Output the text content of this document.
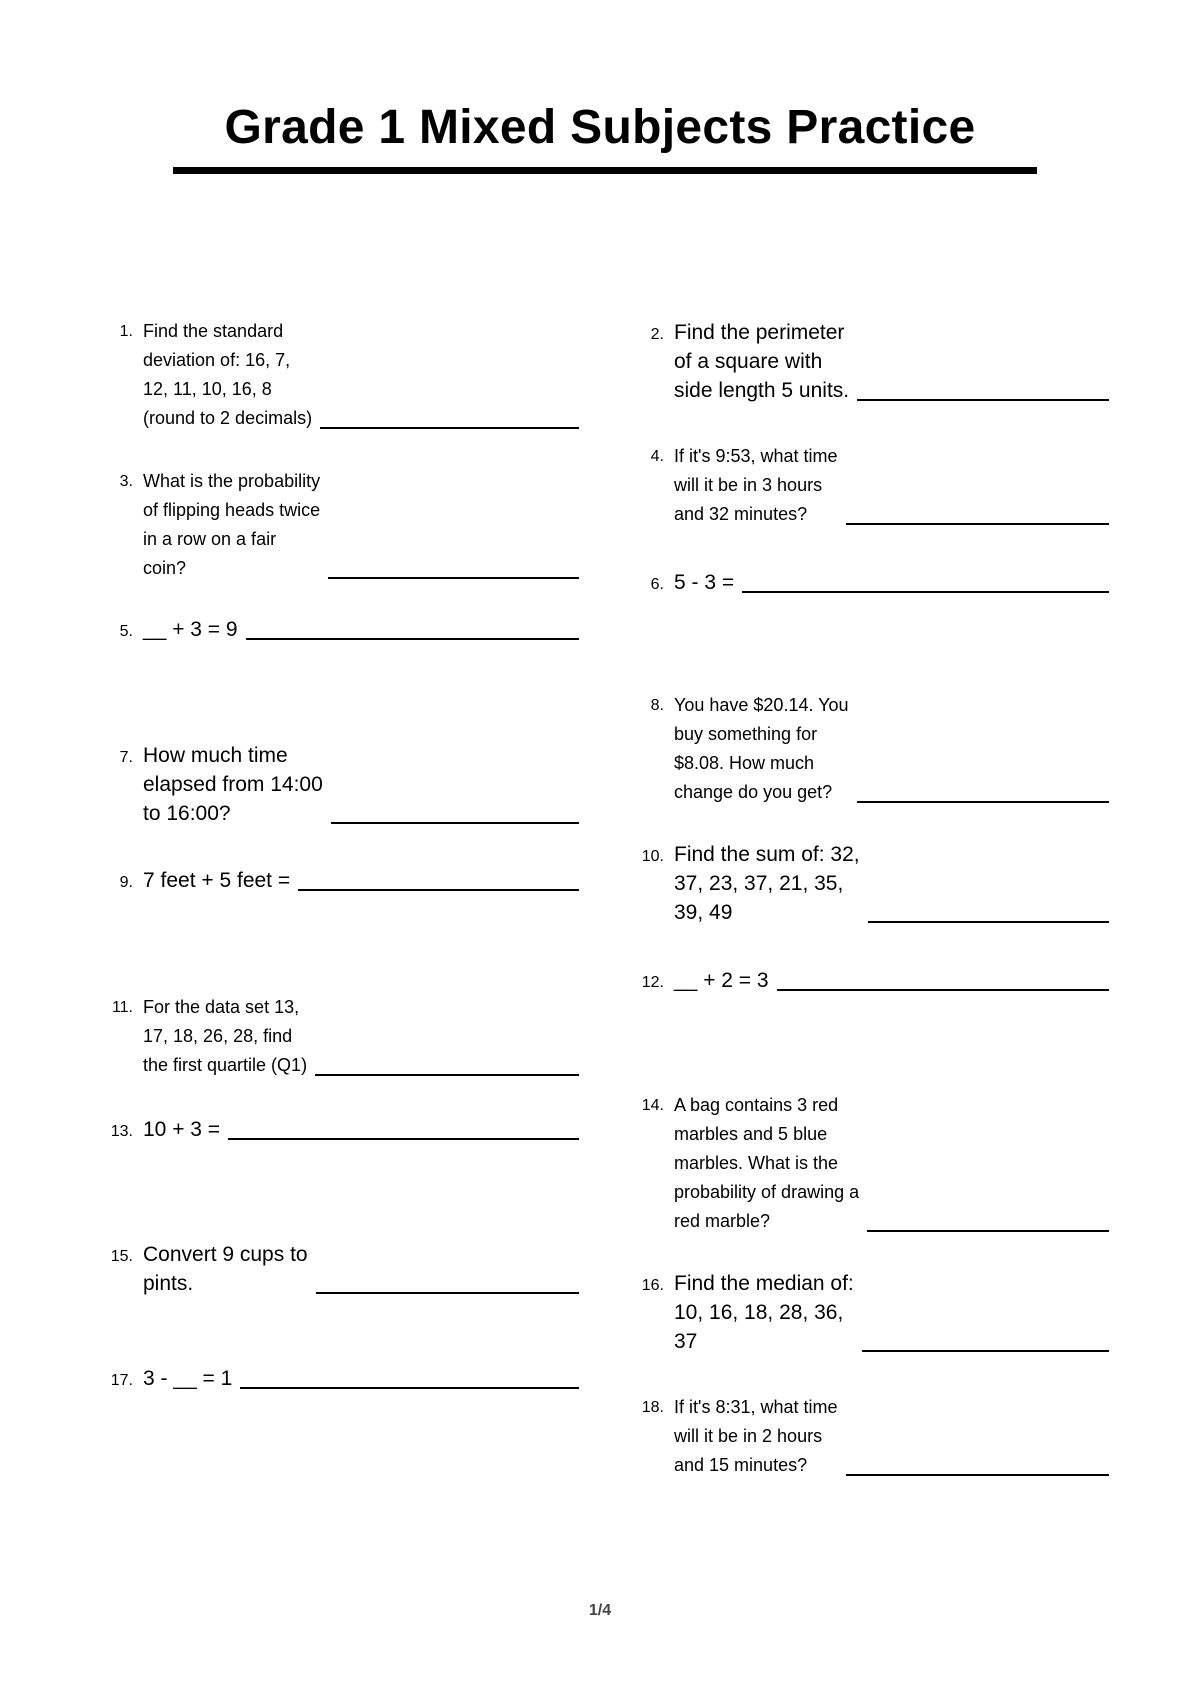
Grade 1 Mixed Subjects Practice
1. Find the standard
deviation of: 16, 7,
12, 11, 10, 16, 8
(round to 2 decimals)
3. What is the probability
of flipping heads twice
in a row on a fair
coin?
5. __ + 3 = 9
7. How much time
elapsed from 14:00
to 16:00?
9. 7 feet + 5 feet =
11. For the data set 13,
17, 18, 26, 28, find
the first quartile (Q1)
13. 10 + 3 =
15. Convert 9 cups to
pints.
17. 3 - __ = 1
2. Find the perimeter
of a square with
side length 5 units.
4. If it's 9:53, what time
will it be in 3 hours
and 32 minutes?
6. 5 - 3 =
8. You have $20.14. You
buy something for
$8.08. How much
change do you get?
10. Find the sum of: 32,
37, 23, 37, 21, 35,
39, 49
12. __ + 2 = 3
14. A bag contains 3 red
marbles and 5 blue
marbles. What is the
probability of drawing a
red marble?
16. Find the median of:
10, 16, 18, 28, 36,
37
18. If it's 8:31, what time
will it be in 2 hours
and 15 minutes?
1/4
